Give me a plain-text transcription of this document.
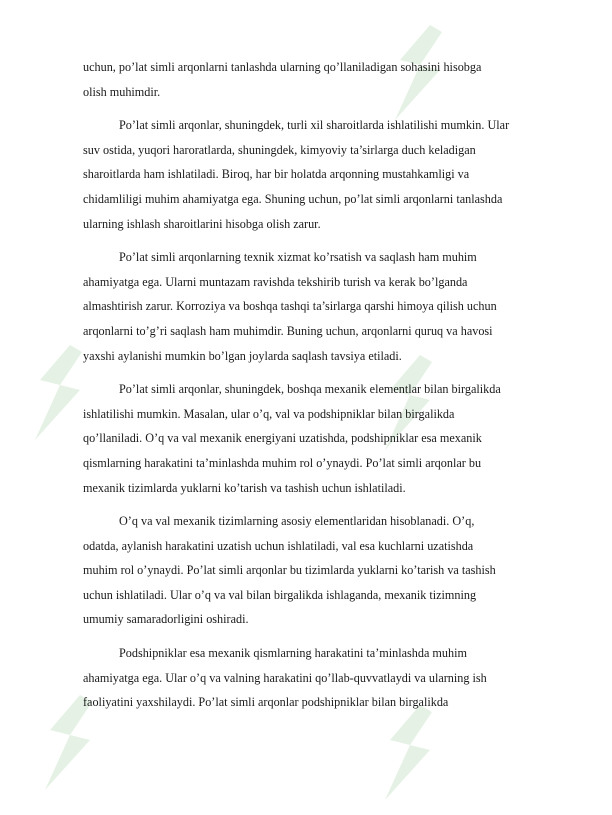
uchun, po’lat simli arqonlarni tanlashda ularning qo’llaniladigan sohasini hisobga
olish muhimdir.

Po’lat simli arqonlar, shuningdek, turli xil sharoitlarda ishlatilishi mumkin. Ular
suv ostida, yuqori haroratlarda, shuningdek, kimyoviy ta’sirlarga duch keladigan
sharoitlarda ham ishlatiladi. Biroq, har bir holatda arqonning mustahkamligi va
chidamliligi muhim ahamiyatga ega. Shuning uchun, po’lat simli arqonlarni tanlashda
ularning ishlash sharoitlarini hisobga olish zarur.

Po’lat simli arqonlarning texnik xizmat ko’rsatish va saqlash ham muhim
ahamiyatga ega. Ularni muntazam ravishda tekshirib turish va kerak bo’lganda
almashtirish zarur. Korroziya va boshqa tashqi ta’sirlarga qarshi himoya qilish uchun
arqonlarni to’g’ri saqlash ham muhimdir. Buning uchun, arqonlarni quruq va havosi
yaxshi aylanishi mumkin bo’lgan joylarda saqlash tavsiya etiladi.

Po’lat simli arqonlar, shuningdek, boshqa mexanik elementlar bilan birgalikda
ishlatilishi mumkin. Masalan, ular o’q, val va podshipniklar bilan birgalikda
qo’llaniladi. O’q va val mexanik energiyani uzatishda, podshipniklar esa mexanik
qismlarning harakatini ta’minlashda muhim rol o’ynaydi. Po’lat simli arqonlar bu
mexanik tizimlarda yuklarni ko’tarish va tashish uchun ishlatiladi.

O’q va val mexanik tizimlarning asosiy elementlaridan hisoblanadi. O’q,
odatda, aylanish harakatini uzatish uchun ishlatiladi, val esa kuchlarni uzatishda
muhim rol o’ynaydi. Po’lat simli arqonlar bu tizimlarda yuklarni ko’tarish va tashish
uchun ishlatiladi. Ular o’q va val bilan birgalikda ishlaganda, mexanik tizimning
umumiy samaradorligini oshiradi.

Podshipniklar esa mexanik qismlarning harakatini ta’minlashda muhim
ahamiyatga ega. Ular o’q va valning harakatini qo’llab-quvvatlaydi va ularning ish
faoliyatini yaxshilaydi. Po’lat simli arqonlar podshipniklar bilan birgalikda
